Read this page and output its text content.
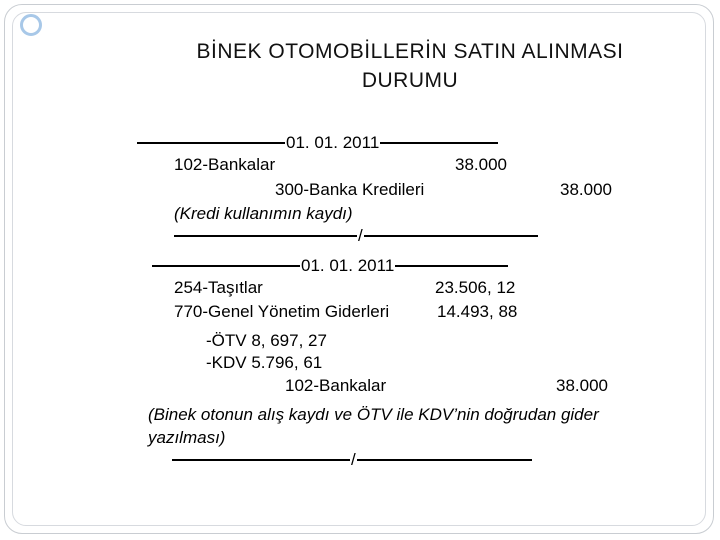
BİNEK OTOMOBİLLERİN SATIN ALINMASI
DURUMU
01. 01. 2011
102-Bankalar	38.000
300-Banka Kredileri	38.000
(Kredi kullanımın kaydı)
/
01. 01. 2011
254-Taşıtlar	23.506, 12
770-Genel Yönetim Giderleri	14.493, 88
-ÖTV 8, 697, 27
-KDV 5.796, 61
102-Bankalar	38.000
(Binek otonun alış kaydı ve ÖTV ile KDV’nin doğrudan gider
yazılması)
/
